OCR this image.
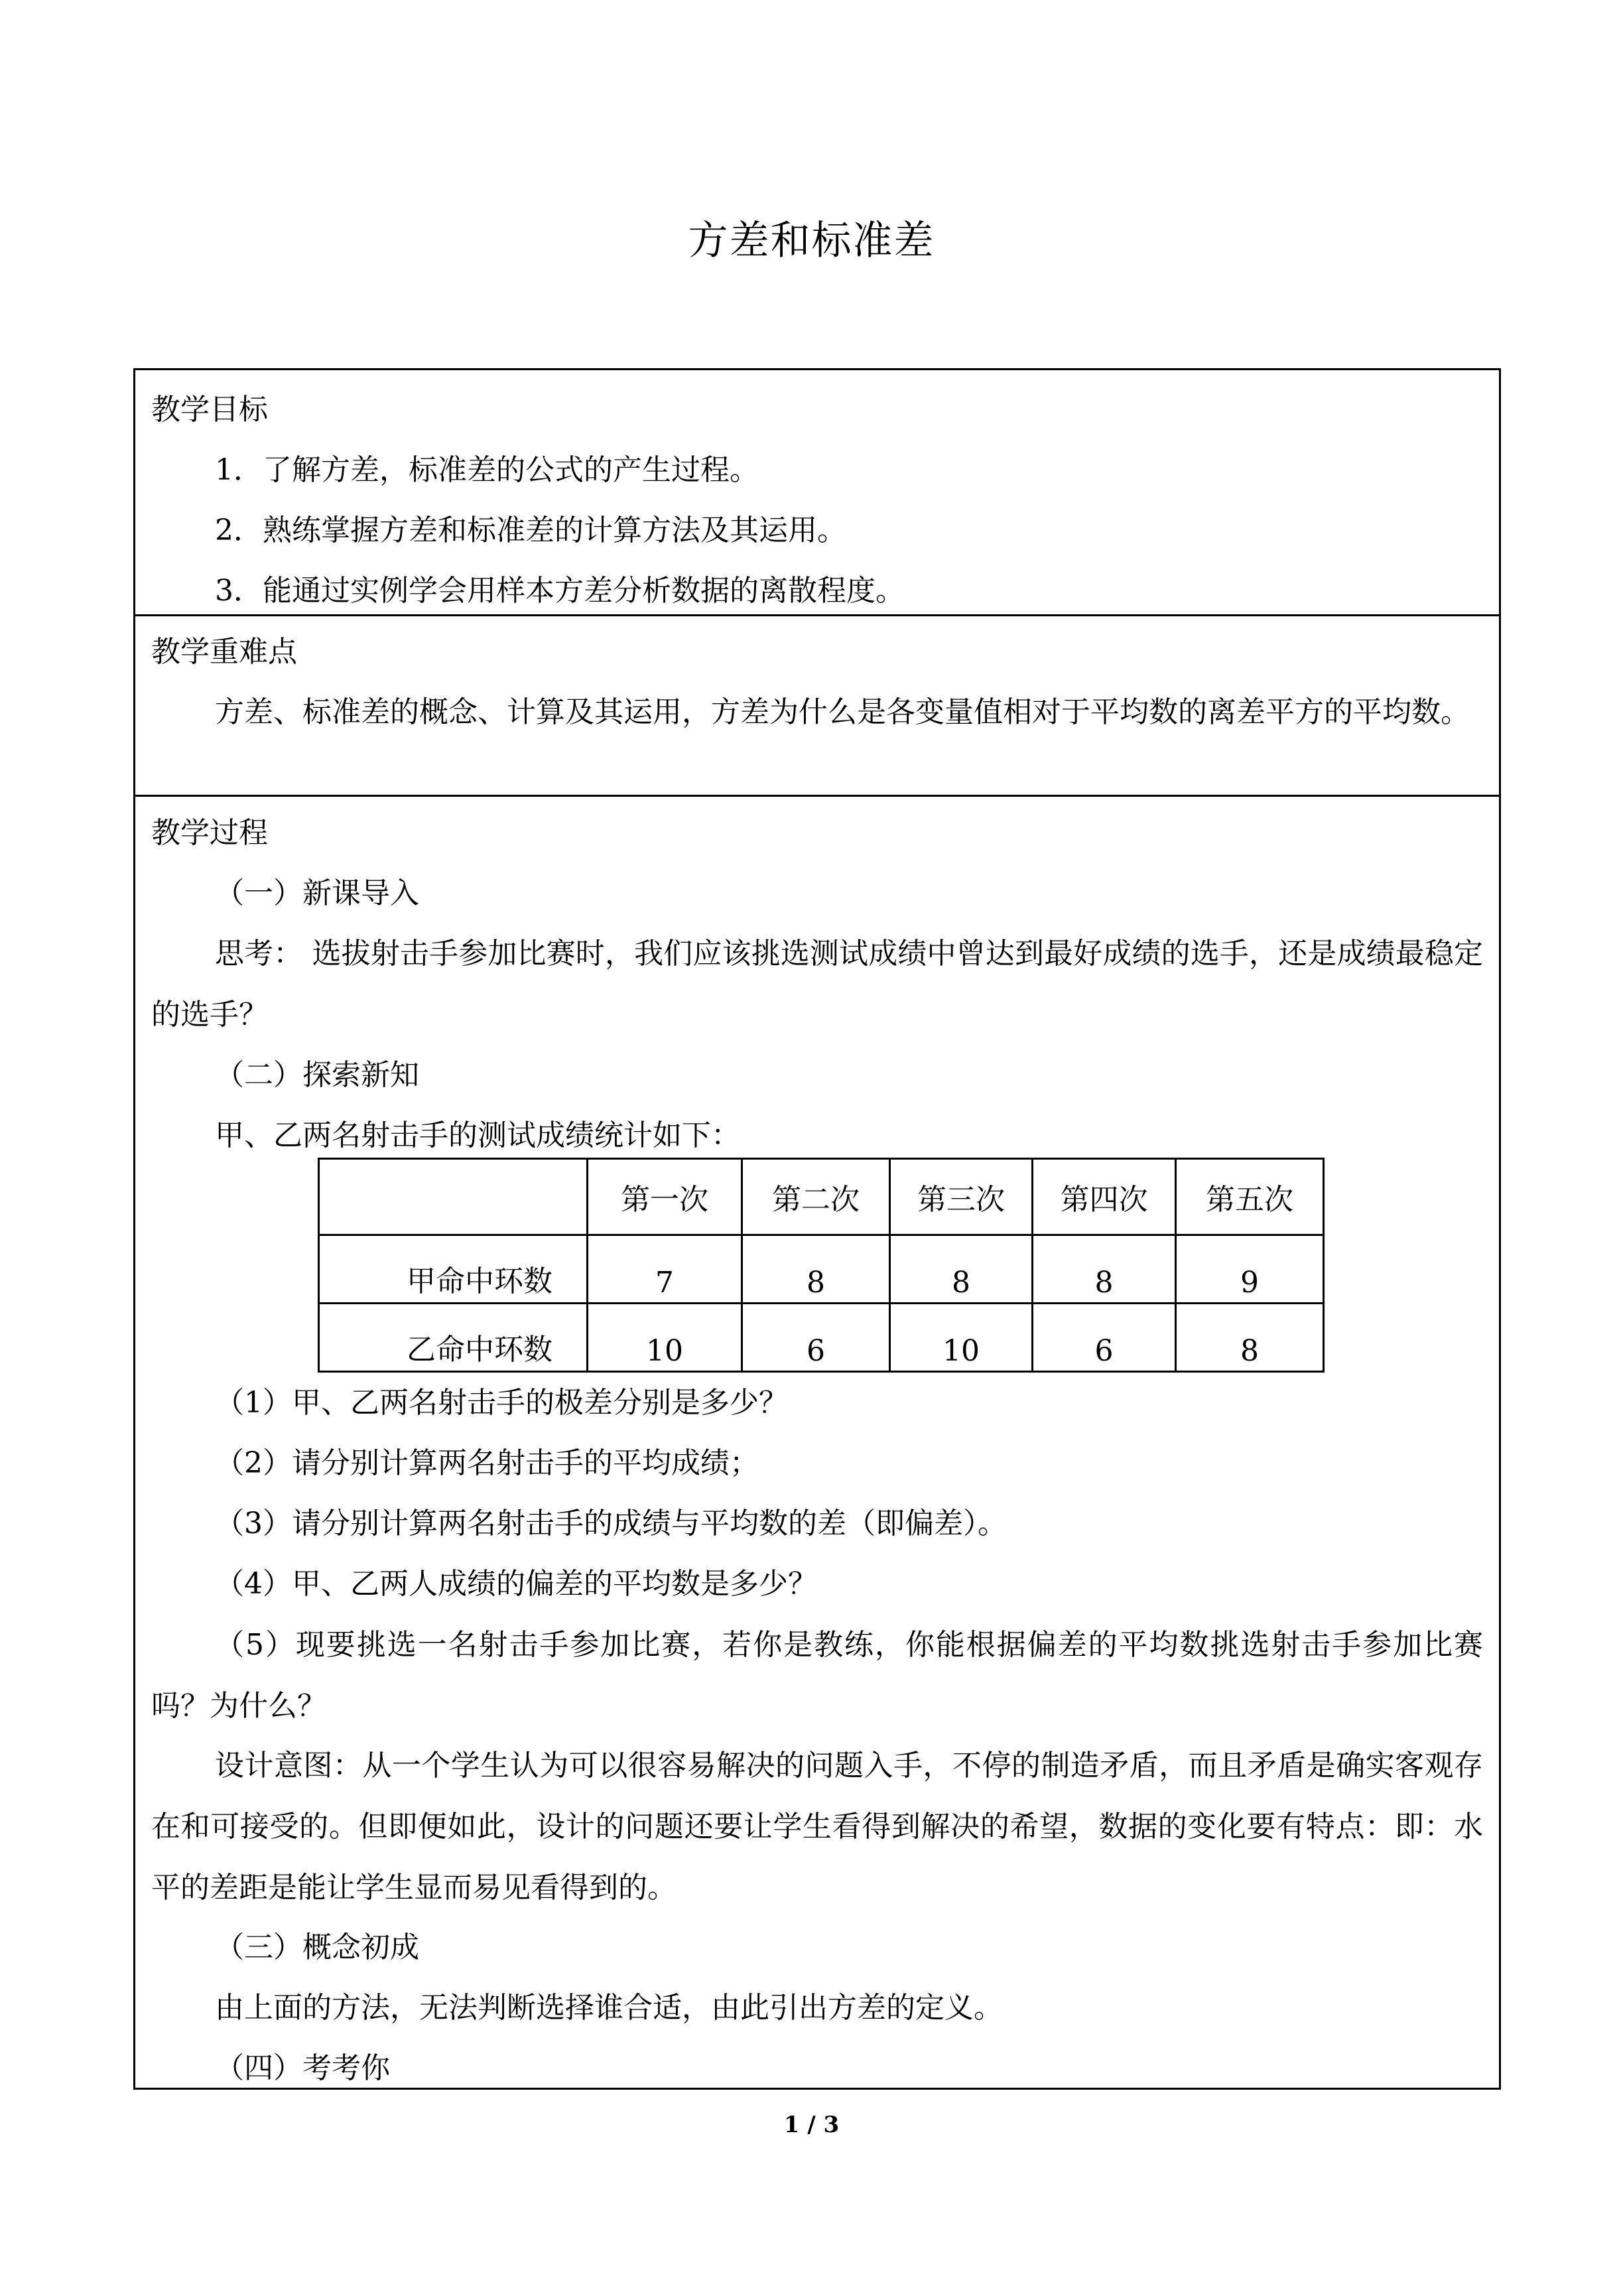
方差和标准差
教学目标
1．了解方差，标准差的公式的产生过程。
2．熟练掌握方差和标准差的计算方法及其运用。
3．能通过实例学会用样本方差分析数据的离散程度。
教学重难点
方差、标准差的概念、计算及其运用，方差为什么是各变量值相对于平均数的离差平方的平均数。
教学过程
（一）新课导入
思考： 选拔射击手参加比赛时，我们应该挑选测试成绩中曾达到最好成绩的选手，还是成绩最稳定的选手？
（二）探索新知
甲、乙两名射击手的测试成绩统计如下：
（1）甲、乙两名射击手的极差分别是多少？
（2）请分别计算两名射击手的平均成绩；
（3）请分别计算两名射击手的成绩与平均数的差（即偏差）。
（4）甲、乙两人成绩的偏差的平均数是多少？
（5）现要挑选一名射击手参加比赛，若你是教练，你能根据偏差的平均数挑选射击手参加比赛吗？为什么？
设计意图：从一个学生认为可以很容易解决的问题入手，不停的制造矛盾，而且矛盾是确实客观存在和可接受的。但即便如此，设计的问题还要让学生看得到解决的希望，数据的变化要有特点：即：水平的差距是能让学生显而易见看得到的。
（三）概念初成
由上面的方法，无法判断选择谁合适，由此引出方差的定义。
（四）考考你
	第一次	第二次	第三次	第四次	第五次
甲命中环数	7	8	8	8	9
乙命中环数	10	6	10	6	8
1 / 3
